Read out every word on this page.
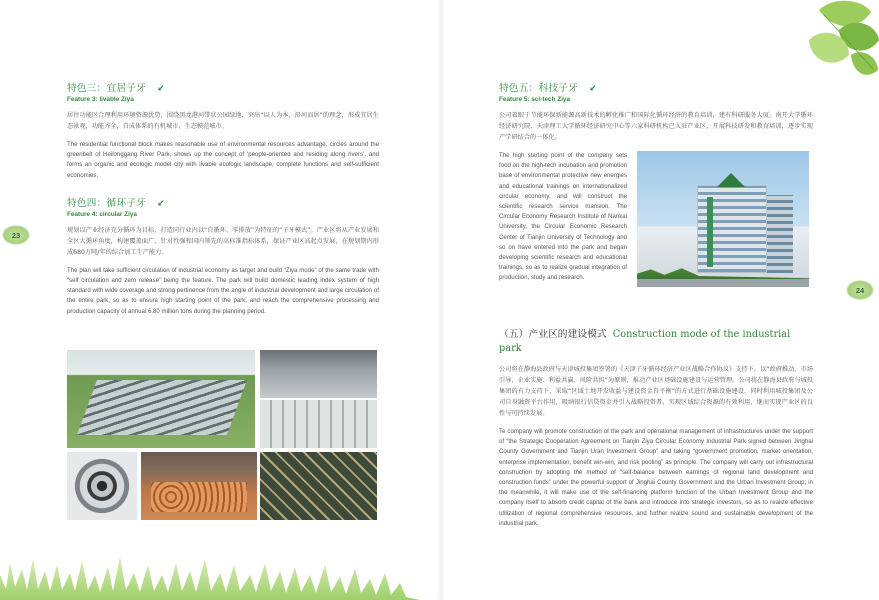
23
24
特色三：宜居子牙 ↙
Feature 3: livable Ziya

居住功能区合理利用环境资源优势，围绕黑龙港河带状公园绿地，突出“以人为本，沿河而居”的理念，形成宜居生态景观，功能齐全，自成体系的有机城市、生态模范城市。

The residential functional block makes reasonable use of environmental resources advantage, circles around the greenbelt of Heilonggang River Park, shows up the concept of ‘people-oriented and residing along rivers’, and forms an organic and ecologic model city with livable ecologic landscape, complete functions and self-sufficient economies.

特色四：循环子牙 ↙
Feature 4: circular Ziya

规划以产业经济充分循环为目标，打造同行业内以“自循环、零排放”为特征的“子牙模式”。产业区将从产业发展和全区大循环角度，构建覆盖面广、针对性强和国内领先的高标准指标体系，保证产业区高起点发展，在规划期内形成680万吨/年的综合加工生产能力。

The plan will take sufficient circulation of industrial economy as target and build “Ziya mode” of the same trade with “self circulation and zero release” being the feature. The park will build domestic leading index system of high standard with wide coverage and strong pertinence from the angle of industrial development and large circulation of the entire park, so as to ensure high starting point of the park, and reach the comprehensive processing and production capacity of annual 6.80 million tons during the planning period.

特色五：科技子牙 ↙
Feature 5: sci-tech Ziya

公司着眼于节能环保新能源高新技术的孵化推广和国际化循环经济的教育培训，建有科研服务大厦。南开大学循环经济研究院、天津理工大学循环经济研究中心等六家科研机构已入驻产业区，开展科技研发和教育培训，逐步实现产学研结合的一体化。

The high starting point of the company sets food on the high-tech incubation and promotion base of environmental protective new energies and educational trainings on internationalized circular economy, and will construct the scientific research service mansion. The Circular Economy Research Institute of Nankai University, the Circular Economic Research Center of Tianjin University of Technology and so on have entered into the park and began developing scientific research and educational trainings, so as to realize gradual integration of production, study and research.

（五）产业区的建设模式 Construction mode of the industrial park

公司将在静海县政府与天津城投集团签署的《天津子牙循环经济产业区战略合作协议》支持下，以“政府推动、市场引导、企业实施、利益共赢、风险共担”为原则，推动产业区基础设施建设与运营管理。公司将在静海县政府与城投集团的有力支持下，采取“区域土地开发收益与建设资金自平衡”的方式进行基础设施建设，同时利用城投集团及公司自身融资平台作用，吸纳银行信贷资金并引入战略投资者，实现区域综合资源的有效利用，继而实现产业区的良性与可持续发展。

Te company will promote construction of the park and operational management of infrastructures under the support of “the Strategic Cooperation Agreement on Tianjin Ziya Circular Economy Industrial Park signed between Jinghai County Government and Tianjin Uran Investment Group” and taking “government promotion, market orientation, enterprise implementation, benefit win-win, and risk pooling” as principle. The company will carry out infrastructural construction by adopting the method of “self-balance between earnings of regional land development and construction funds” under the powerful support of Jinghai County Government and the Urban Investment Group; in the meanwhile, it will make use of the self-financing platform function of the Urban Investment Group and the company itself to absorb credit capital of the bank and introduce into strategic investors, so as to realize effective utilization of regional comprehensive resources, and further realize sound and sustainable development of the industrial park.
